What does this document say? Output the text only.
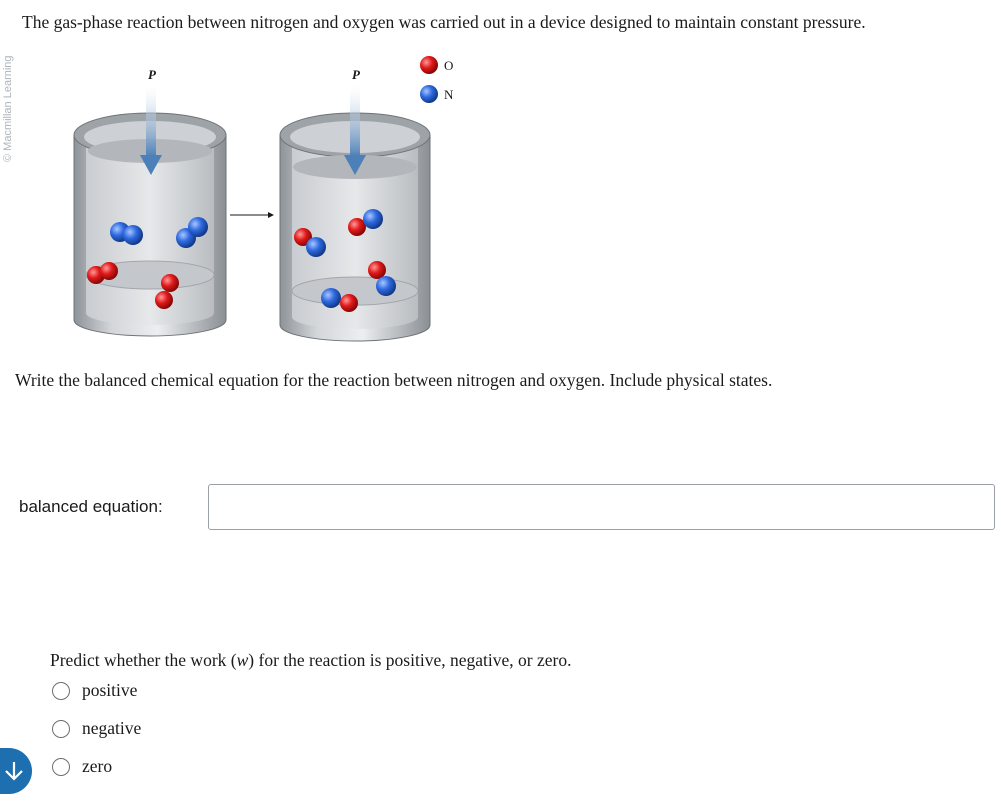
The gas-phase reaction between nitrogen and oxygen was carried out in a device designed to maintain constant pressure.
© Macmillan Learning	P	P
O
N
Write the balanced chemical equation for the reaction between nitrogen and oxygen. Include physical states.
balanced equation:
Predict whether the work (w) for the reaction is positive, negative, or zero.
positive
negative
zero
